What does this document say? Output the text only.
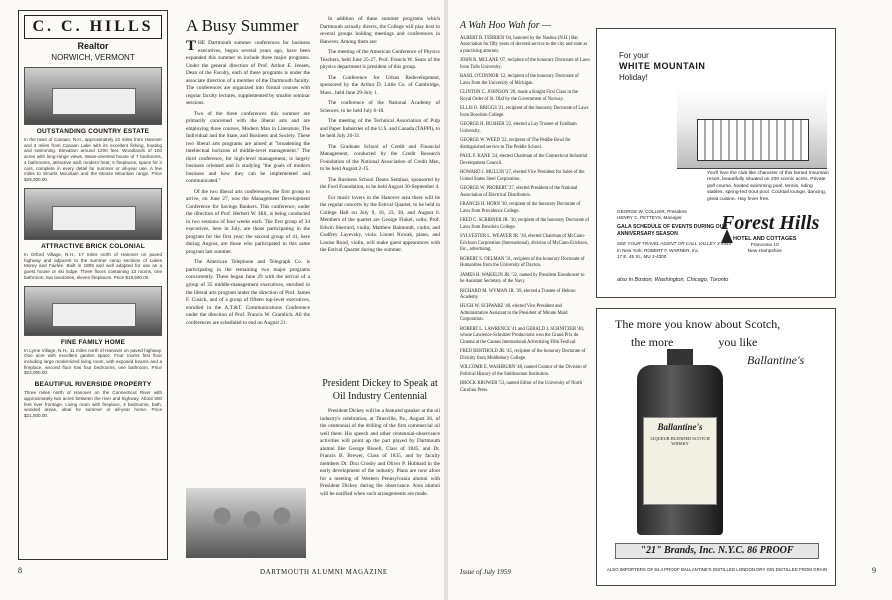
C. C. HILLS
Realtor
NORWICH, VERMONT
OUTSTANDING COUNTRY ESTATE
In the town of Canaan, N.H., approximately 22 miles from Hanover and 3 miles from Canaan Lake with its excellent fishing, boating and swimming. Elevation around 1200 feet. Woodlands of 100 acres with long-range views. Wave-oriented house of 7 bedrooms, 4 bathrooms, attractive wall; modern heat; 5 fireplaces, space for 4 cars, complete in every detail for summer or all-year use. A few miles to Smarts Mountain and the Moose Mountain range. Price $29,000.00.
ATTRACTIVE BRICK COLONIAL
In Orford Village, N.H., 17 miles north of Hanover on paved highway and adjacent to the summer camp sections of Lakes Morey and Fairlee. Built in 1809 and well adapted for use as a guest house or ski lodge. Three floors containing 13 rooms, one bathroom, two lavatories, eleven fireplaces. Price $19,500.00.
FINE FAMILY HOME
In Lyme Village, N.H., 11 miles north of Hanover on paved highway. One acre with excellent garden space. Four rooms first floor including large modernized living room, with exposed beams and a fireplace, second floor has four bedrooms, one bathroom. Price $23,000.00.
BEAUTIFUL RIVERSIDE PROPERTY
Three miles north of Hanover on the Connecticut River with approximately two acres between the river and highway. About 500 feet river frontage. Living room with fireplace, 4 bedrooms, bath, wooded areas, ideal for summer or all-year home. Price $21,500.00.
A Busy Summer

THE Dartmouth summer conferences for business executives, begun several years ago, have been expanded this summer to include three major programs. Under the general direction of Prof. Arthur E. Jensen, Dean of the Faculty, each of these programs is under the associate direction of a member of the Dartmouth faculty. The conferences are organized into formal courses with regular faculty lectures, supplemented by smaller seminar sessions.

Two of the three conferences this summer are primarily concerned with the liberal arts and are employing three courses, Modern Man in Literature, The Individual and the State, and Business and Society. These two liberal arts programs are aimed at "broadening the intellectual horizons of middle-level management." The third conference, for high-level management, is largely business oriented and is studying "the goals of modern business and how they can be implemented and communicated."

Of the two liberal arts conferences, the first group to arrive, on June 27, was the Management Development Conference for Savings Bankers. This conference, under the direction of Prof. Herbert W. Hill, is being conducted in two sessions of four weeks each. The first group of 34 executives, here in July, are those participating in the program for the first year; the second group of 41, here during August, are those who participated in this same program last summer.

The American Telephone and Telegraph Co. is participating in the remaining two major programs concurrently. These began June 29 with the arrival of a group of 35 middle-management executives, enrolled in the liberal arts program under the direction of Prof. James F. Cusick, and of a group of fifteen top-level executives, enrolled in the A.T.&T. Communications Conference under the direction of Prof. Francis W. Gramlich. All the conferences are scheduled to end on August 21.

In addition of these summer programs which Dartmouth actually directs, the College will play host to several groups holding meetings and conferences in Hanover. Among them are:

The meeting of the American Conference of Physics Teachers, held June 25-27, Prof. Francis W. Sears of the physics department is president of this group.

The Conference for Urban Redevelopment, sponsored by the Arthur D. Little Co. of Cambridge, Mass., held June 29-July 1.

The conference of the National Academy of Sciences, to be held July 6-18.

The meeting of the Technical Association of Pulp and Paper Industries of the U.S. and Canada (TAPPI), to be held July 20-31.

The Graduate School of Credit and Financial Management, conducted by the Credit Research Foundation of the National Association of Credit Men, to be held August 2-15.

The Business School Deans Seminar, sponsored by the Ford Foundation, to be held August 30-September 4.

For music lovers in the Hanover area there will be the regular concerts by the Estival Quartet, to be held in College Hall on July 9, 16, 23, 30, and August 6. Members of the quartet are George Finkel, cello; Prof. Edwin Sherrard, violin; Matthew Raimondi, violin; and Godfrey Layevsky, viola. Lionel Nowak, piano, and Louise Rood, violin, will make guest appearances with the Estival Quartet during the summer.

President Dickey to Speak at Oil Industry Centennial

President Dickey will be a featured speaker at the oil industry's celebration, at Titusville, Pa., August 26, of the centennial of the drilling of the first commercial oil well there. His speech and other centennial-observance activities will point up the part played by Dartmouth alumni like George Bissell, Class of 1845, and Dr. Francis B. Brewer, Class of 1835, and by faculty members Dr. Dixi Crosby and Oliver P. Hubbard in the early development of the industry. Plans are now afoot for a meeting of Western Pennsylvania alumni with President Dickey during the observance. Area alumni will be notified when such arrangements are made.

8	DARTMOUTH ALUMNI MAGAZINE
A Wah Hoo Wah for —

ALBERT B. TERRIEN '04, honored by the Nashua (N.H.) Bar Association for fifty years of devoted service to the city and state as a practicing attorney.

JOHN R. MCLANE '07, recipient of the honorary Doctorate of Laws from Tufts University.

BASIL O'CONNOR '12, recipient of the honorary Doctorate of Laws from the University of Michigan.

CLINTON C. JOHNSON '20, made a Knight First Class in the Royal Order of St. Olaf by the Government of Norway.

ELLIS O. BRIGGS '21, recipient of the honorary Doctorate of Laws from Bowdoin College.

GEORGE H. BUSHER '22, elected a Lay Trustee of Fordham University.

GEORGE W. WEED '22, recipient of The Peddie Bowl for distinguished service to The Peddie School.

PAUL F. KANE '24, elected Chairman of the Connecticut Industrial Development Council.

HOWARD J. MULLIN '27, elected Vice President for Sales of the United States Steel Corporation.

GEORGE W. PROBERT '27, elected President of the National Association of Electrical Distributors.

FRANCIS H. HORN '30, recipient of the honorary Doctorate of Laws from Providence College.

FRED C. SCRIBNER JR. '30, recipient of the honorary Doctorate of Laws from Bowdoin College.

SYLVESTER L. WEAVER JR. '30, elected Chairman of McCann-Erickson Corporation (International), division of McCann-Erickson, Inc., advertising.

ROBERT S. OELMAN '31, recipient of the honorary Doctorate of Humanities from the University of Dayton.

JAMES H. WAKELIN JR. '32, named by President Eisenhower to be Assistant Secretary of the Navy.

RICHARD M. WYMAN JR. '39, elected a Trustee of Hebron Academy.

HUGH W. SCHWARZ '40, elected Vice President and Administrative Assistant to the President of Minute Maid Corporation.

ROBERT L. LAWRENCE '41 and GERALD J. SCHNITZER '40, whose Lawrence-Schnitzer Productions won the Grand Prix du Cinema at the Cannes International Advertising Film Festival.

FRED BERTHOLD JR. '45, recipient of the honorary Doctorate of Divinity from Middlebury College.

WILCOMB E. WASHBURN '48, named Curator of the Division of Political History of the Smithsonian Institution.

BROCK BROWER '53, named Editor of the University of North Carolina Press.

For your
WHITE MOUNTAIN
Holiday!
You'll love the club-like character of this famed mountain resort, beautifully situated on 200 scenic acres. Private golf course, heated swimming pool, tennis, riding stables, spring-fed trout pool. Cocktail lounge, dancing, great cuisine. Hay fever free.
GEORGE W. COLLIER, President
HENRY C. PETTEYS, Manager
GALA SCHEDULE OF EVENTS DURING OUR ANNIVERSARY SEASON
SEE YOUR TRAVEL AGENT OR CALL VALLEY 3-5544
In New York: ROBERT F. WARNER, Inc.
17 E. 45 St., MU 2-4300
Forest Hills
HOTEL AND COTTAGES
Franconia 10
New Hampshire
also in Boston, Washington, Chicago, Toronto
The more you know about Scotch,
the more	you like
Ballantine's
Ballantine's
LIQUEUR BLENDED SCOTCH WHISKY
"21" Brands, Inc. N.Y.C. 86 PROOF
ALSO IMPORTERS OF 94.4 PROOF BALLANTINE'S DISTILLED LONDON DRY GIN DISTILLED FROM GRAIN
Issue of July 1959	9
